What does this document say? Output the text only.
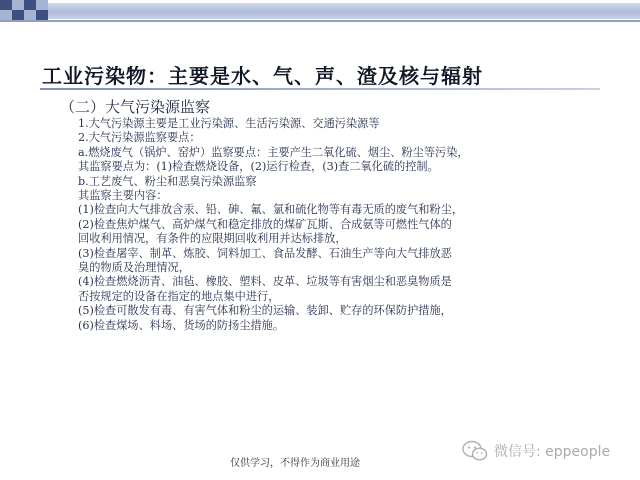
工业污染物：主要是水、气、声、渣及核与辐射
（二）大气污染源监察
1.大气污染源主要是工业污染源、生活污染源、交通污染源等
2.大气污染源监察要点：
a.燃烧废气（锅炉、窑炉）监察要点：主要产生二氧化硫、烟尘、粉尘等污染，
其监察要点为：(1)检查燃烧设备，(2)运行检查，(3)查二氧化硫的控制。
b.工艺废气、粉尘和恶臭污染源监察
其监察主要内容：
(1)检查向大气排放含汞、铅、砷、氟、氯和硫化物等有毒无质的废气和粉尘，
(2)检查焦炉煤气、高炉煤气和稳定排放的煤矿瓦斯、合成氨等可燃性气体的
回收利用情况，有条件的应限期回收利用并达标排放，
(3)检查屠宰、制革、炼胶、饲料加工、食品发酵、石油生产等向大气排放恶
臭的物质及治理情况，
(4)检查燃烧沥青、油毡、橡胶、塑料、皮革、垃圾等有害烟尘和恶臭物质是
否按规定的设备在指定的地点集中进行，
(5)检查可散发有毒、有害气体和粉尘的运输、装卸、贮存的环保防护措施，
(6)检查煤场、料场、货场的防扬尘措施。
仅供学习，不得作为商业用途
微信号: eppeople
